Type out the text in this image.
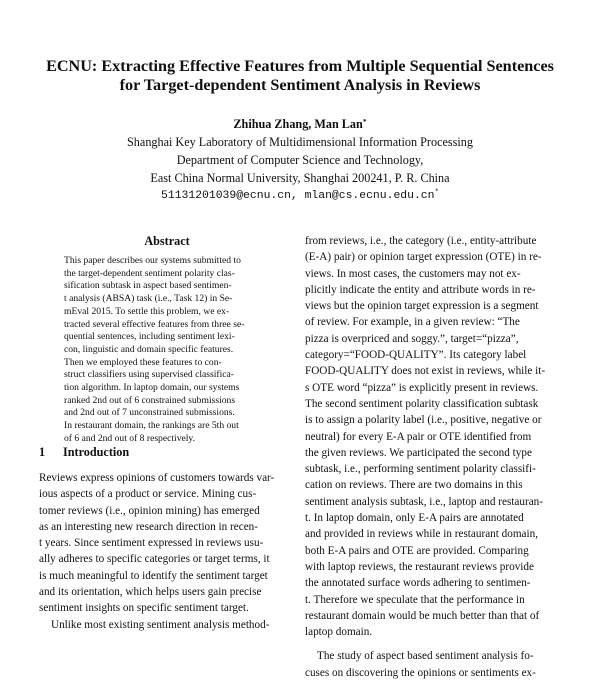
ECNU: Extracting Effective Features from Multiple Sequential Sentences
for Target-dependent Sentiment Analysis in Reviews
Zhihua Zhang, Man Lan*
Shanghai Key Laboratory of Multidimensional Information Processing
Department of Computer Science and Technology,
East China Normal University, Shanghai 200241, P. R. China
51131201039@ecnu.cn, mlan@cs.ecnu.edu.cn*
Abstract
This paper describes our systems submitted to
the target-dependent sentiment polarity clas-
sification subtask in aspect based sentimen-
t analysis (ABSA) task (i.e., Task 12) in Se-
mEval 2015. To settle this problem, we ex-
tracted several effective features from three se-
quential sentences, including sentiment lexi-
con, linguistic and domain specific features.
Then we employed these features to con-
struct classifiers using supervised classifica-
tion algorithm. In laptop domain, our systems
ranked 2nd out of 6 constrained submissions
and 2nd out of 7 unconstrained submissions.
In restaurant domain, the rankings are 5th out
of 6 and 2nd out of 8 respectively.
1 Introduction
Reviews express opinions of customers towards var-
ious aspects of a product or service. Mining cus-
tomer reviews (i.e., opinion mining) has emerged
as an interesting new research direction in recen-
t years. Since sentiment expressed in reviews usu-
ally adheres to specific categories or target terms, it
is much meaningful to identify the sentiment target
and its orientation, which helps users gain precise
sentiment insights on specific sentiment target.
Unlike most existing sentiment analysis method-
from reviews, i.e., the category (i.e., entity-attribute
(E-A) pair) or opinion target expression (OTE) in re-
views. In most cases, the customers may not ex-
plicitly indicate the entity and attribute words in re-
views but the opinion target expression is a segment
of review. For example, in a given review: “The
pizza is overpriced and soggy.”, target=“pizza”,
category=“FOOD-QUALITY”. Its category label
FOOD-QUALITY does not exist in reviews, while it-
s OTE word “pizza” is explicitly present in reviews.
The second sentiment polarity classification subtask
is to assign a polarity label (i.e., positive, negative or
neutral) for every E-A pair or OTE identified from
the given reviews. We participated the second type
subtask, i.e., performing sentiment polarity classifi-
cation on reviews. There are two domains in this
sentiment analysis subtask, i.e., laptop and restauran-
t. In laptop domain, only E-A pairs are annotated
and provided in reviews while in restaurant domain,
both E-A pairs and OTE are provided. Comparing
with laptop reviews, the restaurant reviews provide
the annotated surface words adhering to sentimen-
t. Therefore we speculate that the performance in
restaurant domain would be much better than that of
laptop domain.
The study of aspect based sentiment analysis fo-
cuses on discovering the opinions or sentiments ex-
